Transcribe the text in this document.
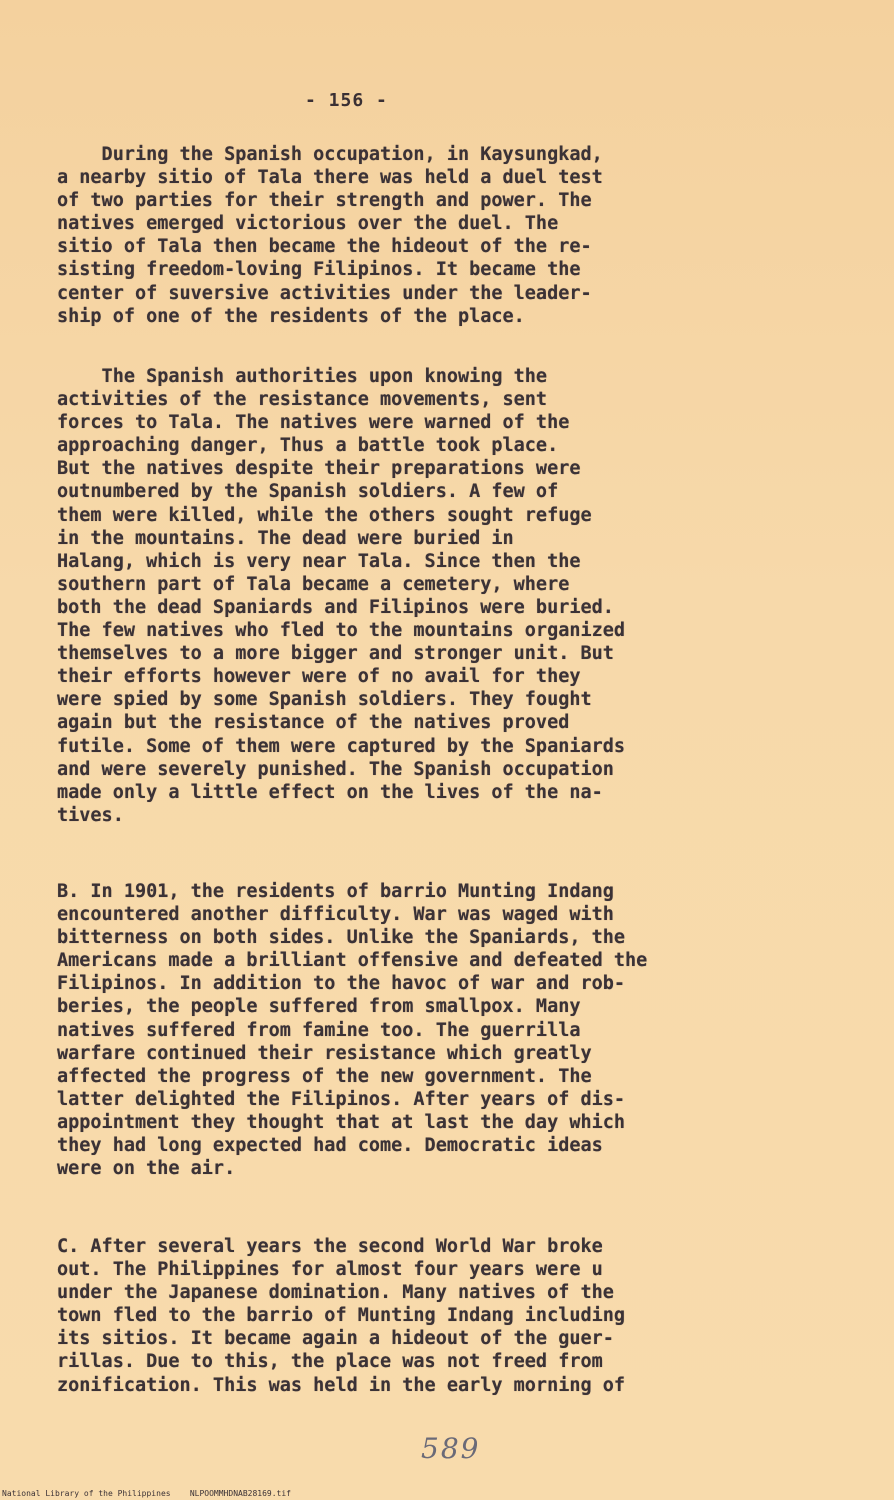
- 156 -

During the Spanish occupation, in Kaysungkad,
a nearby sitio of Tala there was held a duel test
of two parties for their strength and power. The
natives emerged victorious over the duel. The
sitio of Tala then became the hideout of the re-
sisting freedom-loving Filipinos. It became the
center of suversive activities under the leader-
ship of one of the residents of the place.

The Spanish authorities upon knowing the
activities of the resistance movements, sent
forces to Tala. The natives were warned of the
approaching danger, Thus a battle took place.
But the natives despite their preparations were
outnumbered by the Spanish soldiers. A few of
them were killed, while the others sought refuge
in the mountains. The dead were buried in
Halang, which is very near Tala. Since then the
southern part of Tala became a cemetery, where
both the dead Spaniards and Filipinos were buried.
The few natives who fled to the mountains organized
themselves to a more bigger and stronger unit. But
their efforts however were of no avail for they
were spied by some Spanish soldiers. They fought
again but the resistance of the natives proved
futile. Some of them were captured by the Spaniards
and were severely punished. The Spanish occupation
made only a little effect on the lives of the na-
tives.

B. In 1901, the residents of barrio Munting Indang
encountered another difficulty. War was waged with
bitterness on both sides. Unlike the Spaniards, the
Americans made a brilliant offensive and defeated the
Filipinos. In addition to the havoc of war and rob-
beries, the people suffered from smallpox. Many
natives suffered from famine too. The guerrilla
warfare continued their resistance which greatly
affected the progress of the new government. The
latter delighted the Filipinos. After years of dis-
appointment they thought that at last the day which
they had long expected had come. Democratic ideas
were on the air.

C. After several years the second World War broke
out. The Philippines for almost four years were u
under the Japanese domination. Many natives of the
town fled to the barrio of Munting Indang including
its sitios. It became again a hideout of the guer-
rillas. Due to this, the place was not freed from
zonification. This was held in the early morning of

589
National Library of the Philippines    NLPOOMMHDNAB28169.tif
